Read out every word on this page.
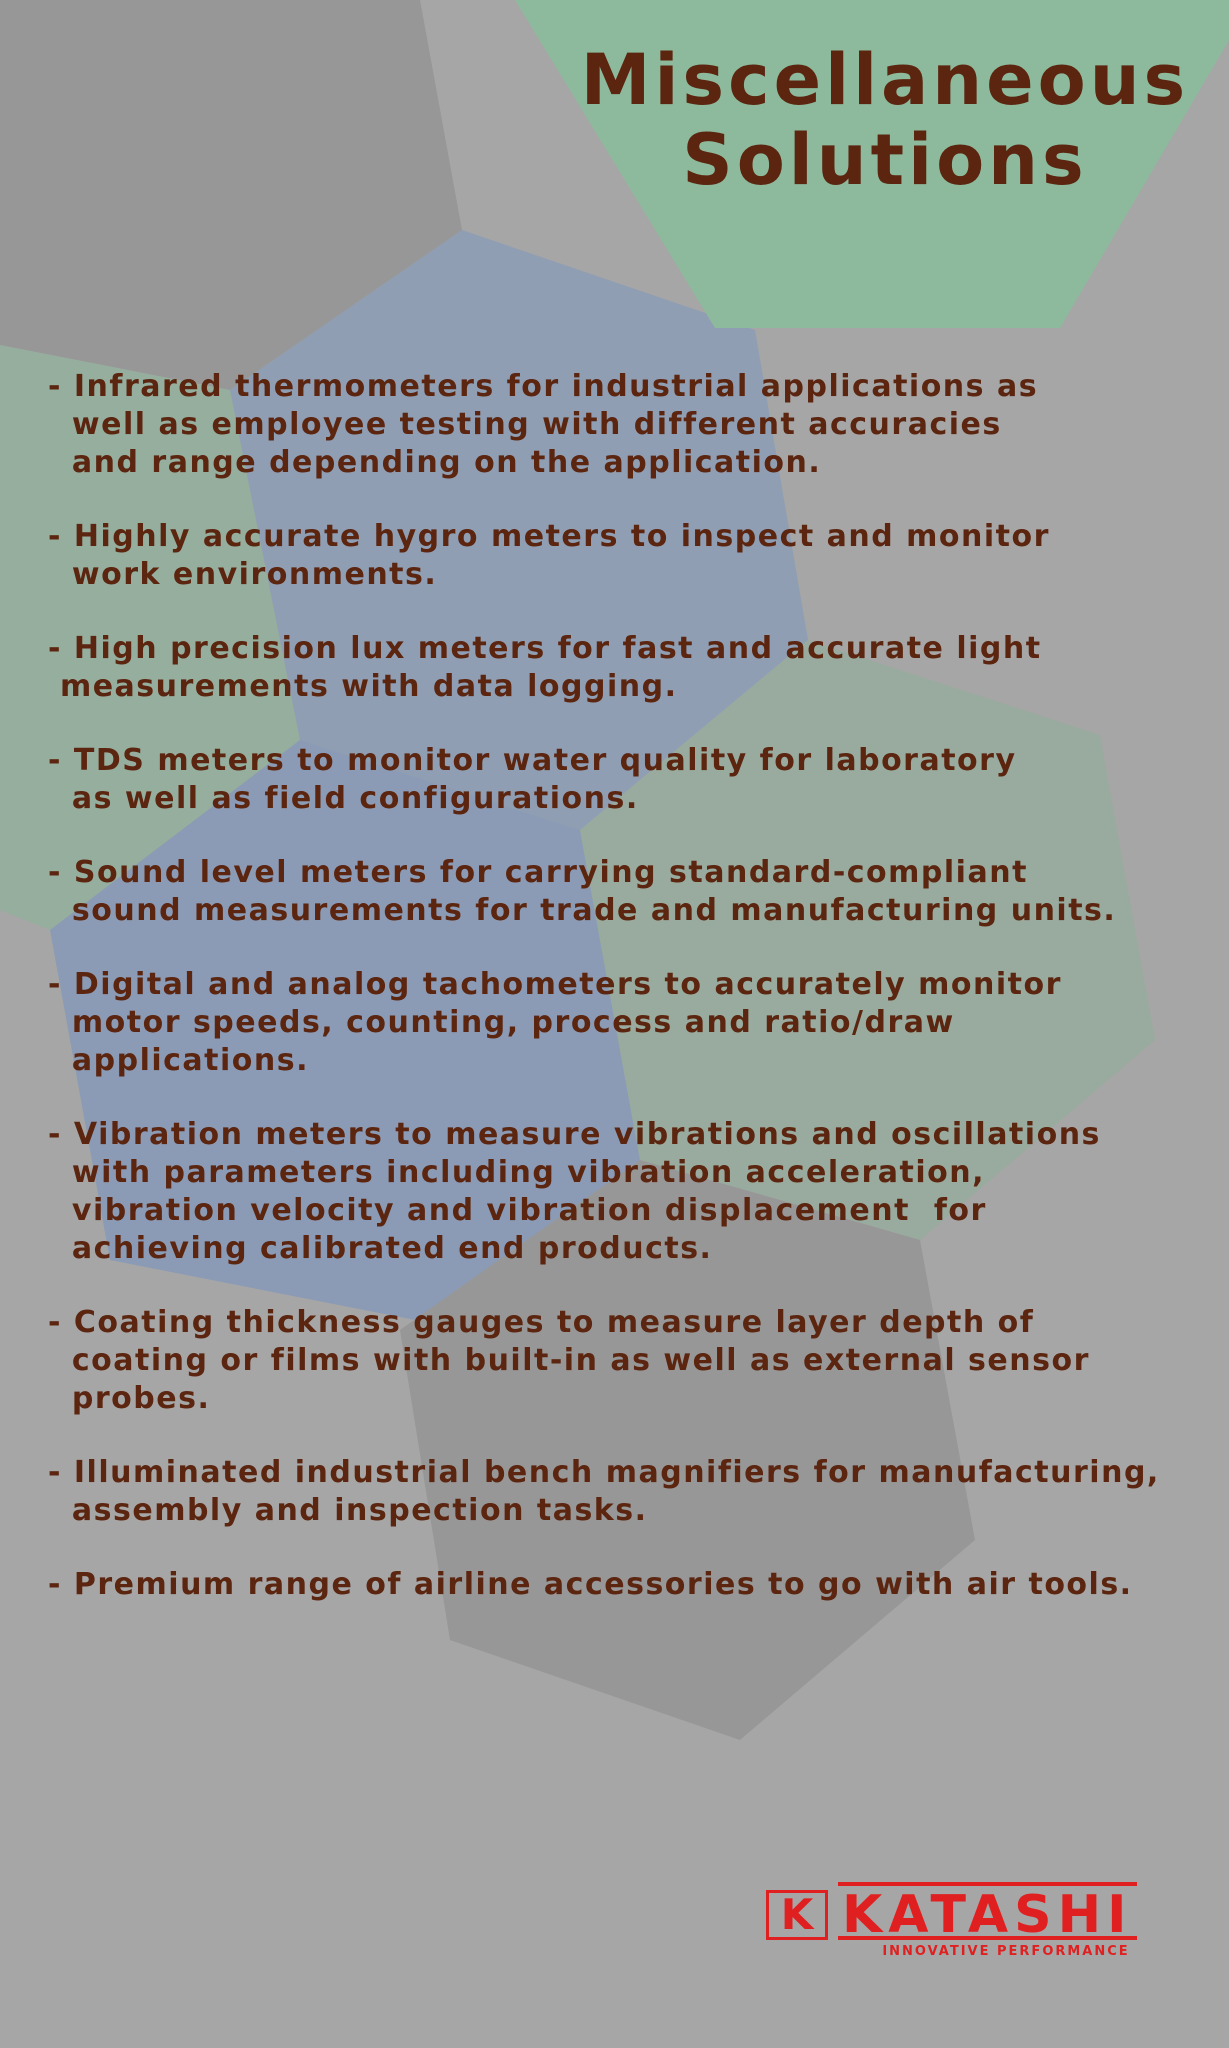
Miscellaneous
Solutions
- Infrared thermometers for industrial applications as
well as employee testing with different accuracies
and range depending on the application.
- Highly accurate hygro meters to inspect and monitor
work environments.
- High precision lux meters for fast and accurate light
measurements with data logging.
- TDS meters to monitor water quality for laboratory
as well as field configurations.
- Sound level meters for carrying standard-compliant
sound measurements for trade and manufacturing units.
- Digital and analog tachometers to accurately monitor
motor speeds, counting, process and ratio/draw
applications.
- Vibration meters to measure vibrations and oscillations
with parameters including vibration acceleration,
vibration velocity and vibration displacement  for
achieving calibrated end products.
- Coating thickness gauges to measure layer depth of
coating or films with built-in as well as external sensor
probes.
- Illuminated industrial bench magnifiers for manufacturing,
assembly and inspection tasks.
- Premium range of airline accessories to go with air tools.
K KATASHI
INNOVATIVE PERFORMANCE
